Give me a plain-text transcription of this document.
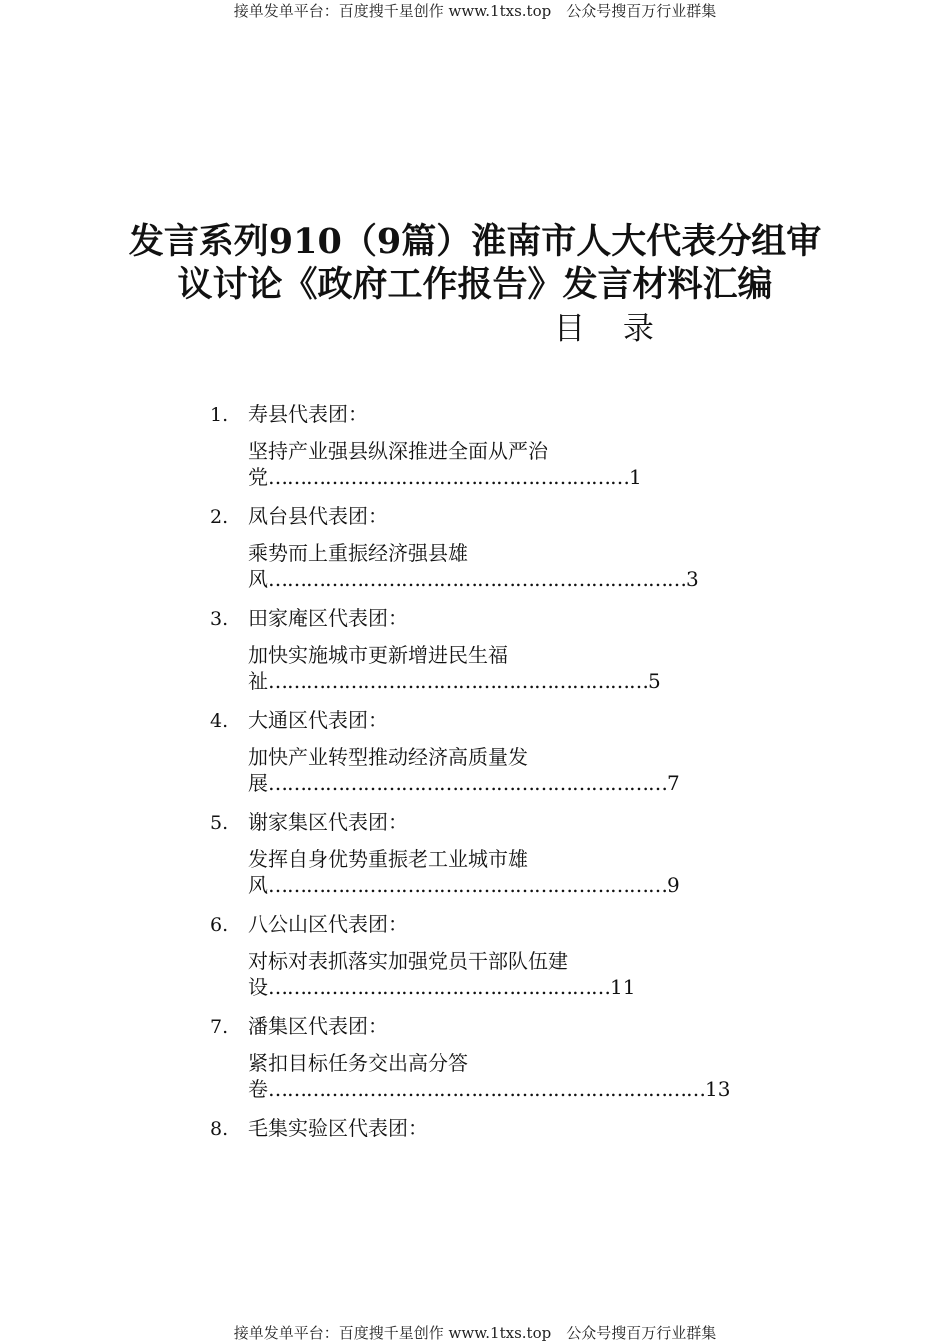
接单发单平台：百度搜千星创作 www.1txs.top　公众号搜百万行业群集
发言系列910（9篇）淮南市人大代表分组审
议讨论《政府工作报告》发言材料汇编
目 录
1. 寿县代表团：
坚持产业强县纵深推进全面从严治
党…………………………………………………1
2. 凤台县代表团：
乘势而上重振经济强县雄
风…………………………………………………………3
3. 田家庵区代表团：
加快实施城市更新增进民生福
祉……………………………………………………5
4. 大通区代表团：
加快产业转型推动经济高质量发
展………………………………………………………7
5. 谢家集区代表团：
发挥自身优势重振老工业城市雄
风………………………………………………………9
6. 八公山区代表团：
对标对表抓落实加强党员干部队伍建
设………………………………………………11
7. 潘集区代表团：
紧扣目标任务交出高分答
卷……………………………………………………………13
8. 毛集实验区代表团：
接单发单平台：百度搜千星创作 www.1txs.top　公众号搜百万行业群集
